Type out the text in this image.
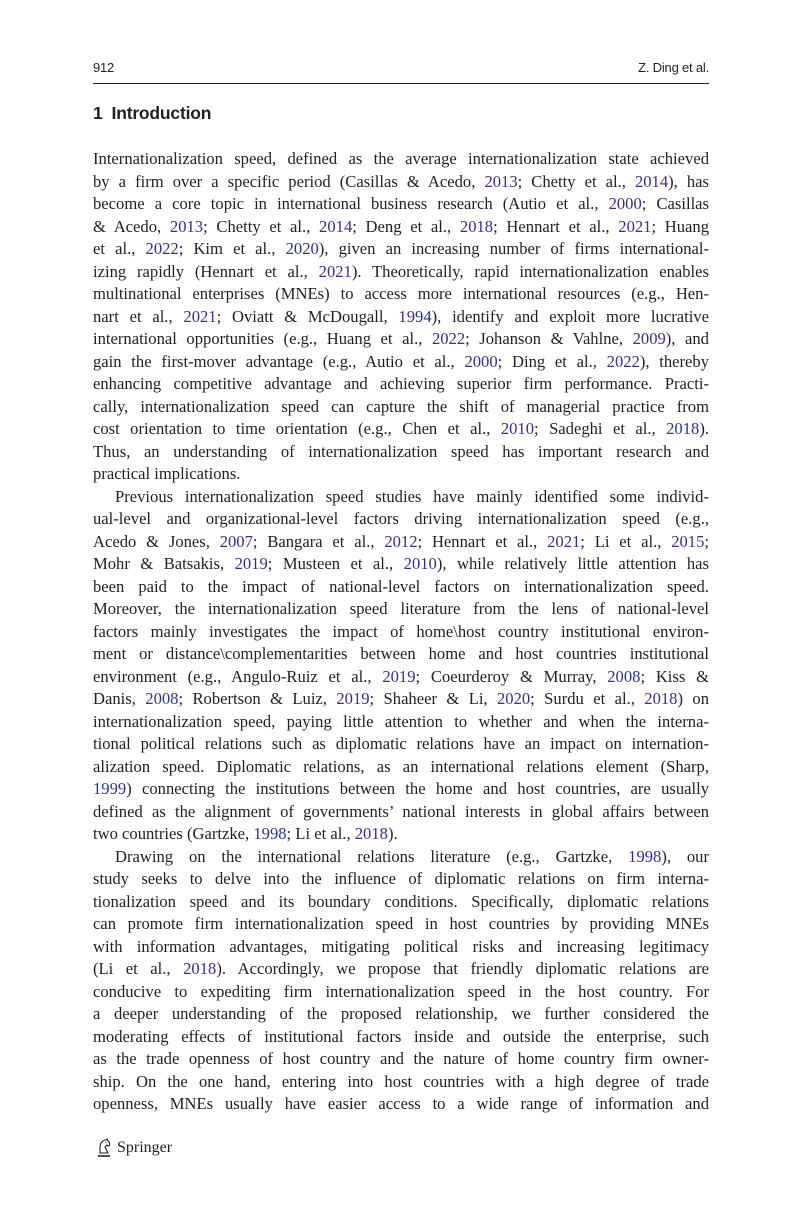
912	Z. Ding et al.
1 Introduction
Internationalization speed, defined as the average internationalization state achieved
by a firm over a specific period (Casillas & Acedo, 2013; Chetty et al., 2014), has
become a core topic in international business research (Autio et al., 2000; Casillas
& Acedo, 2013; Chetty et al., 2014; Deng et al., 2018; Hennart et al., 2021; Huang
et al., 2022; Kim et al., 2020), given an increasing number of firms international-
izing rapidly (Hennart et al., 2021). Theoretically, rapid internationalization enables
multinational enterprises (MNEs) to access more international resources (e.g., Hen-
nart et al., 2021; Oviatt & McDougall, 1994), identify and exploit more lucrative
international opportunities (e.g., Huang et al., 2022; Johanson & Vahlne, 2009), and
gain the first-mover advantage (e.g., Autio et al., 2000; Ding et al., 2022), thereby
enhancing competitive advantage and achieving superior firm performance. Practi-
cally, internationalization speed can capture the shift of managerial practice from
cost orientation to time orientation (e.g., Chen et al., 2010; Sadeghi et al., 2018).
Thus, an understanding of internationalization speed has important research and
practical implications.
Previous internationalization speed studies have mainly identified some individ-
ual-level and organizational-level factors driving internationalization speed (e.g.,
Acedo & Jones, 2007; Bangara et al., 2012; Hennart et al., 2021; Li et al., 2015;
Mohr & Batsakis, 2019; Musteen et al., 2010), while relatively little attention has
been paid to the impact of national-level factors on internationalization speed.
Moreover, the internationalization speed literature from the lens of national-level
factors mainly investigates the impact of home\host country institutional environ-
ment or distance\complementarities between home and host countries institutional
environment (e.g., Angulo-Ruiz et al., 2019; Coeurderoy & Murray, 2008; Kiss &
Danis, 2008; Robertson & Luiz, 2019; Shaheer & Li, 2020; Surdu et al., 2018) on
internationalization speed, paying little attention to whether and when the interna-
tional political relations such as diplomatic relations have an impact on internation-
alization speed. Diplomatic relations, as an international relations element (Sharp,
1999) connecting the institutions between the home and host countries, are usually
defined as the alignment of governments’ national interests in global affairs between
two countries (Gartzke, 1998; Li et al., 2018).
Drawing on the international relations literature (e.g., Gartzke, 1998), our
study seeks to delve into the influence of diplomatic relations on firm interna-
tionalization speed and its boundary conditions. Specifically, diplomatic relations
can promote firm internationalization speed in host countries by providing MNEs
with information advantages, mitigating political risks and increasing legitimacy
(Li et al., 2018). Accordingly, we propose that friendly diplomatic relations are
conducive to expediting firm internationalization speed in the host country. For
a deeper understanding of the proposed relationship, we further considered the
moderating effects of institutional factors inside and outside the enterprise, such
as the trade openness of host country and the nature of home country firm owner-
ship. On the one hand, entering into host countries with a high degree of trade
openness, MNEs usually have easier access to a wide range of information and
Springer
